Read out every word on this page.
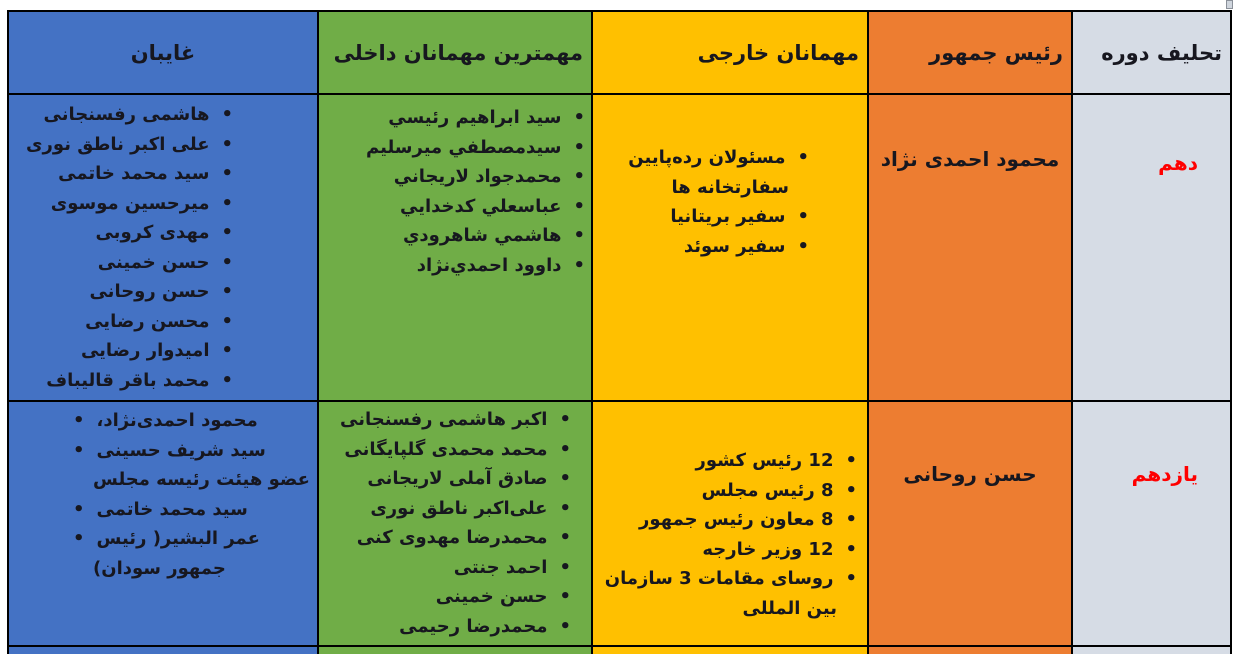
تحلیف دوره	رئیس جمهور	مهمانان خارجی	مهمترین مهمانان داخلی	غایبان
دهم	محمود احمدی نژاد	
•مسئولان رده‌پایین سفارتخانه ها
•سفیر بریتانیا
•سفیر سوئد

•سید ابراهیم رئيسي
•سیدمصطفي میرسلیم
•محمدجواد لاریجاني
•عباسعلي کدخدايي
•هاشمي شاهرودي
•داوود احمدي‌نژاد

•هاشمی رفسنجانی
•علی اکبر ناطق نوری
•سید محمد خاتمی
•میرحسین موسوی
•مهدی کروبی
•حسن خمینی
•حسن روحانی
•محسن رضایی
•امیدوار رضایی
•محمد باقر قالیباف

یازدهم	حسن روحانی	
•12 رئیس کشور
•8 رئیس مجلس
•8 معاون رئیس جمهور
•12 وزیر خارجه
•روسای مقامات 3 سازمان بین المللی

•اکبر هاشمی رفسنجانی
•محمد محمدی گلپایگانی
•صادق آملی لاریجانی
•علی‌اکبر ناطق نوری
•محمدرضا مهدوی کنی
•احمد جنتی
•حسن خمینی
•محمدرضا رحیمی

• محمود احمدی‌نژاد،
• سید شریف حسینی عضو هیئت رئیسه مجلس
• سید محمد خاتمی
• عمر البشیر( رئیس جمهور سودان)
